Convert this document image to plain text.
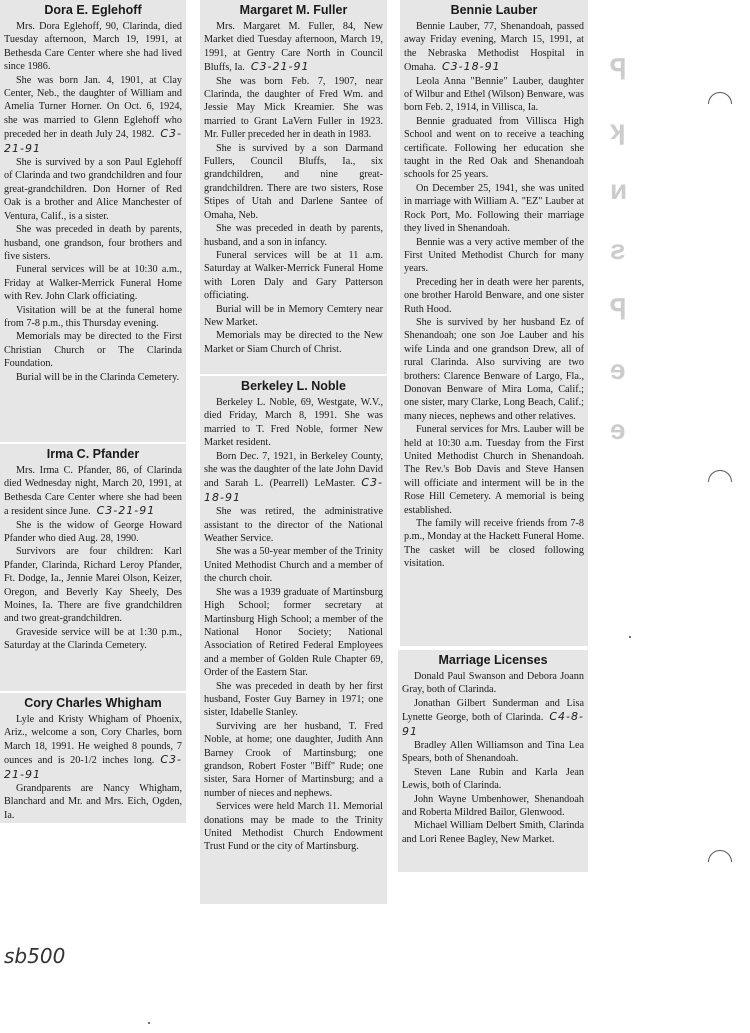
ꟼ
ʞ
ᴎ
ƨ
ꟼ
ɘ
ɘ
Dora E. Eglehoff

Mrs. Dora Eglehoff, 90, Clarinda, died Tuesday afternoon, March 19, 1991, at Bethesda Care Center where she had lived since 1986.

She was born Jan. 4, 1901, at Clay Center, Neb., the daughter of William and Amelia Turner Horner. On Oct. 6, 1924, she was married to Glenn Eglehoff who preceded her in death July 24, 1982. C3-21-91

She is survived by a son Paul Eglehoff of Clarinda and two grandchildren and four great-grandchildren. Don Horner of Red Oak is a brother and Alice Manchester of Ventura, Calif., is a sister.

She was preceded in death by parents, husband, one grandson, four brothers and five sisters.

Funeral services will be at 10:30 a.m., Friday at Walker-Merrick Funeral Home with Rev. John Clark officiating.

Visitation will be at the funeral home from 7-8 p.m., this Thursday evening.

Memorials may be directed to the First Christian Church or The Clarinda Foundation.

Burial will be in the Clarinda Cemetery.

Irma C. Pfander

Mrs. Irma C. Pfander, 86, of Clarinda died Wednesday night, March 20, 1991, at Bethesda Care Center where she had been a resident since June. C3-21-91

She is the widow of George Howard Pfander who died Aug. 28, 1990.

Survivors are four children: Karl Pfander, Clarinda, Richard Leroy Pfander, Ft. Dodge, Ia., Jennie Marei Olson, Keizer, Oregon, and Beverly Kay Sheely, Des Moines, Ia. There are five grandchildren and two great-grandchildren.

Graveside service will be at 1:30 p.m., Saturday at the Clarinda Cemetery.

Cory Charles Whigham

Lyle and Kristy Whigham of Phoenix, Ariz., welcome a son, Cory Charles, born March 18, 1991. He weighed 8 pounds, 7 ounces and is 20-1/2 inches long. C3-21-91

Grandparents are Nancy Whigham, Blanchard and Mr. and Mrs. Eich, Ogden, Ia.

Margaret M. Fuller

Mrs. Margaret M. Fuller, 84, New Market died Tuesday afternoon, March 19, 1991, at Gentry Care North in Council Bluffs, Ia. C3-21-91

She was born Feb. 7, 1907, near Clarinda, the daughter of Fred Wm. and Jessie May Mick Kreamier. She was married to Grant LaVern Fuller in 1923. Mr. Fuller preceded her in death in 1983.

She is survived by a son Darmand Fullers, Council Bluffs, Ia., six grandchildren, and nine great-grandchildren. There are two sisters, Rose Stipes of Utah and Darlene Santee of Omaha, Neb.

She was preceded in death by parents, husband, and a son in infancy.

Funeral services will be at 11 a.m. Saturday at Walker-Merrick Funeral Home with Loren Daly and Gary Patterson officiating.

Burial will be in Memory Cemtery near New Market.

Memorials may be directed to the New Market or Siam Church of Christ.

Berkeley L. Noble

Berkeley L. Noble, 69, Westgate, W.V., died Friday, March 8, 1991. She was married to T. Fred Noble, former New Market resident.

Born Dec. 7, 1921, in Berkeley County, she was the daughter of the late John David and Sarah L. (Pearrell) LeMaster. C3-18-91

She was retired, the administrative assistant to the director of the National Weather Service.

She was a 50-year member of the Trinity United Methodist Church and a member of the church choir.

She was a 1939 graduate of Martinsburg High School; former secretary at Martinsburg High School; a member of the National Honor Society; National Association of Retired Federal Employees and a member of Golden Rule Chapter 69, Order of the Eastern Star.

She was preceded in death by her first husband, Foster Guy Barney in 1971; one sister, Idabelle Stanley.

Surviving are her husband, T. Fred Noble, at home; one daughter, Judith Ann Barney Crook of Martinsburg; one grandson, Robert Foster "Biff" Rude; one sister, Sara Horner of Martinsburg; and a number of nieces and nephews.

Services were held March 11. Memorial donations may be made to the Trinity United Methodist Church Endowment Trust Fund or the city of Martinsburg.

Bennie Lauber

Bennie Lauber, 77, Shenandoah, passed away Friday evening, March 15, 1991, at the Nebraska Methodist Hospital in Omaha. C3-18-91

Leola Anna "Bennie" Lauber, daughter of Wilbur and Ethel (Wilson) Benware, was born Feb. 2, 1914, in Villisca, Ia.

Bennie graduated from Villisca High School and went on to receive a teaching certificate. Following her education she taught in the Red Oak and Shenandoah schools for 25 years.

On December 25, 1941, she was united in marriage with William A. "EZ" Lauber at Rock Port, Mo. Following their marriage they lived in Shenandoah.

Bennie was a very active member of the First United Methodist Church for many years.

Preceding her in death were her parents, one brother Harold Benware, and one sister Ruth Hood.

She is survived by her husband Ez of Shenandoah; one son Joe Lauber and his wife Linda and one grandson Drew, all of rural Clarinda. Also surviving are two brothers: Clarence Benware of Largo, Fla., Donovan Benware of Mira Loma, Calif.; one sister, mary Clarke, Long Beach, Calif.; many nieces, nephews and other relatives.

Funeral services for Mrs. Lauber will be held at 10:30 a.m. Tuesday from the First United Methodist Church in Shenandoah. The Rev.'s Bob Davis and Steve Hansen will officiate and interment will be in the Rose Hill Cemetery. A memorial is being established.

The family will receive friends from 7-8 p.m., Monday at the Hackett Funeral Home. The casket will be closed following visitation.

Marriage Licenses

Donald Paul Swanson and Debora Joann Gray, both of Clarinda.

Jonathan Gilbert Sunderman and Lisa Lynette George, both of Clarinda. C4-8-91

Bradley Allen Williamson and Tina Lea Spears, both of Shenandoah.

Steven Lane Rubin and Karla Jean Lewis, both of Clarinda.

John Wayne Umbenhower, Shenandoah and Roberta Mildred Bailor, Glenwood.

Michael William Delbert Smith, Clarinda and Lori Renee Bagley, New Market.

sb500
